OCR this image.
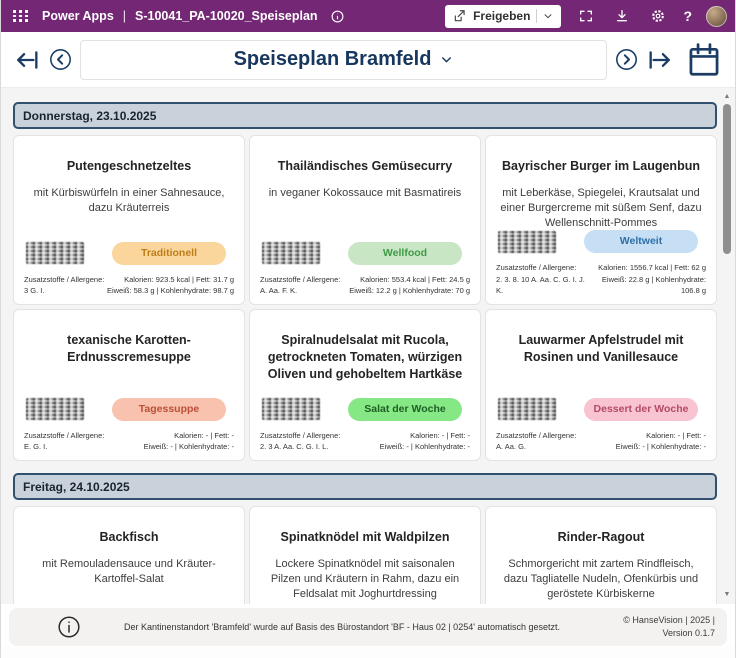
Power Apps | S-10041_PA-10020_Speiseplan	Freigeben	?
Speiseplan Bramfeld
Donnerstag, 23.10.2025
Putengeschnetzeltes

mit Kürbiswürfeln in einer Sahnesauce, dazu Kräuterreis

Traditionell
Zusatzstoffe / Allergene:
3 G. I.
Kalorien: 923.5 kcal | Fett: 31.7 g
Eiweiß: 58.3 g | Kohlenhydrate: 98.7 g
Thailändisches Gemüsecurry

in veganer Kokossauce mit Basmatireis

Wellfood
Zusatzstoffe / Allergene:
A. Aa. F. K.
Kalorien: 553.4 kcal | Fett: 24.5 g
Eiweiß: 12.2 g | Kohlenhydrate: 70 g
Bayrischer Burger im Laugenbun

mit Leberkäse, Spiegelei, Krautsalat und einer Burgercreme mit süßem Senf, dazu Wellenschnitt-Pommes

Weltweit
Zusatzstoffe / Allergene:
2. 3. 8. 10 A. Aa. C. G. I. J. K.
Kalorien: 1556.7 kcal | Fett: 62 g
Eiweiß: 22.8 g | Kohlenhydrate: 106.8 g
texanische Karotten-Erdnusscremesuppe

Tagessuppe
Zusatzstoffe / Allergene:
E. G. I.
Kalorien: - | Fett: -
Eiweiß: - | Kohlenhydrate: -
Spiralnudelsalat mit Rucola, getrockneten Tomaten, würzigen Oliven und gehobeltem Hartkäse

Salat der Woche
Zusatzstoffe / Allergene:
2. 3 A. Aa. C. G. I. L.
Kalorien: - | Fett: -
Eiweiß: - | Kohlenhydrate: -
Lauwarmer Apfelstrudel mit Rosinen und Vanillesauce

Dessert der Woche
Zusatzstoffe / Allergene:
A. Aa. G.
Kalorien: - | Fett: -
Eiweiß: - | Kohlenhydrate: -
Freitag, 24.10.2025
Backfisch

mit Remouladensauce und Kräuter-Kartoffel-Salat

Spinatknödel mit Waldpilzen

Lockere Spinatknödel mit saisonalen Pilzen und Kräutern in Rahm, dazu ein Feldsalat mit Joghurtdressing

Rinder-Ragout

Schmorgericht mit zartem Rindfleisch, dazu Tagliatelle Nudeln, Ofenkürbis und geröstete Kürbiskerne

▲
▼
Der Kantinenstandort 'Bramfeld' wurde auf Basis des Bürostandort 'BF - Haus 02 | 0254' automatisch gesetzt.
© HanseVision | 2025 | Version 0.1.7
